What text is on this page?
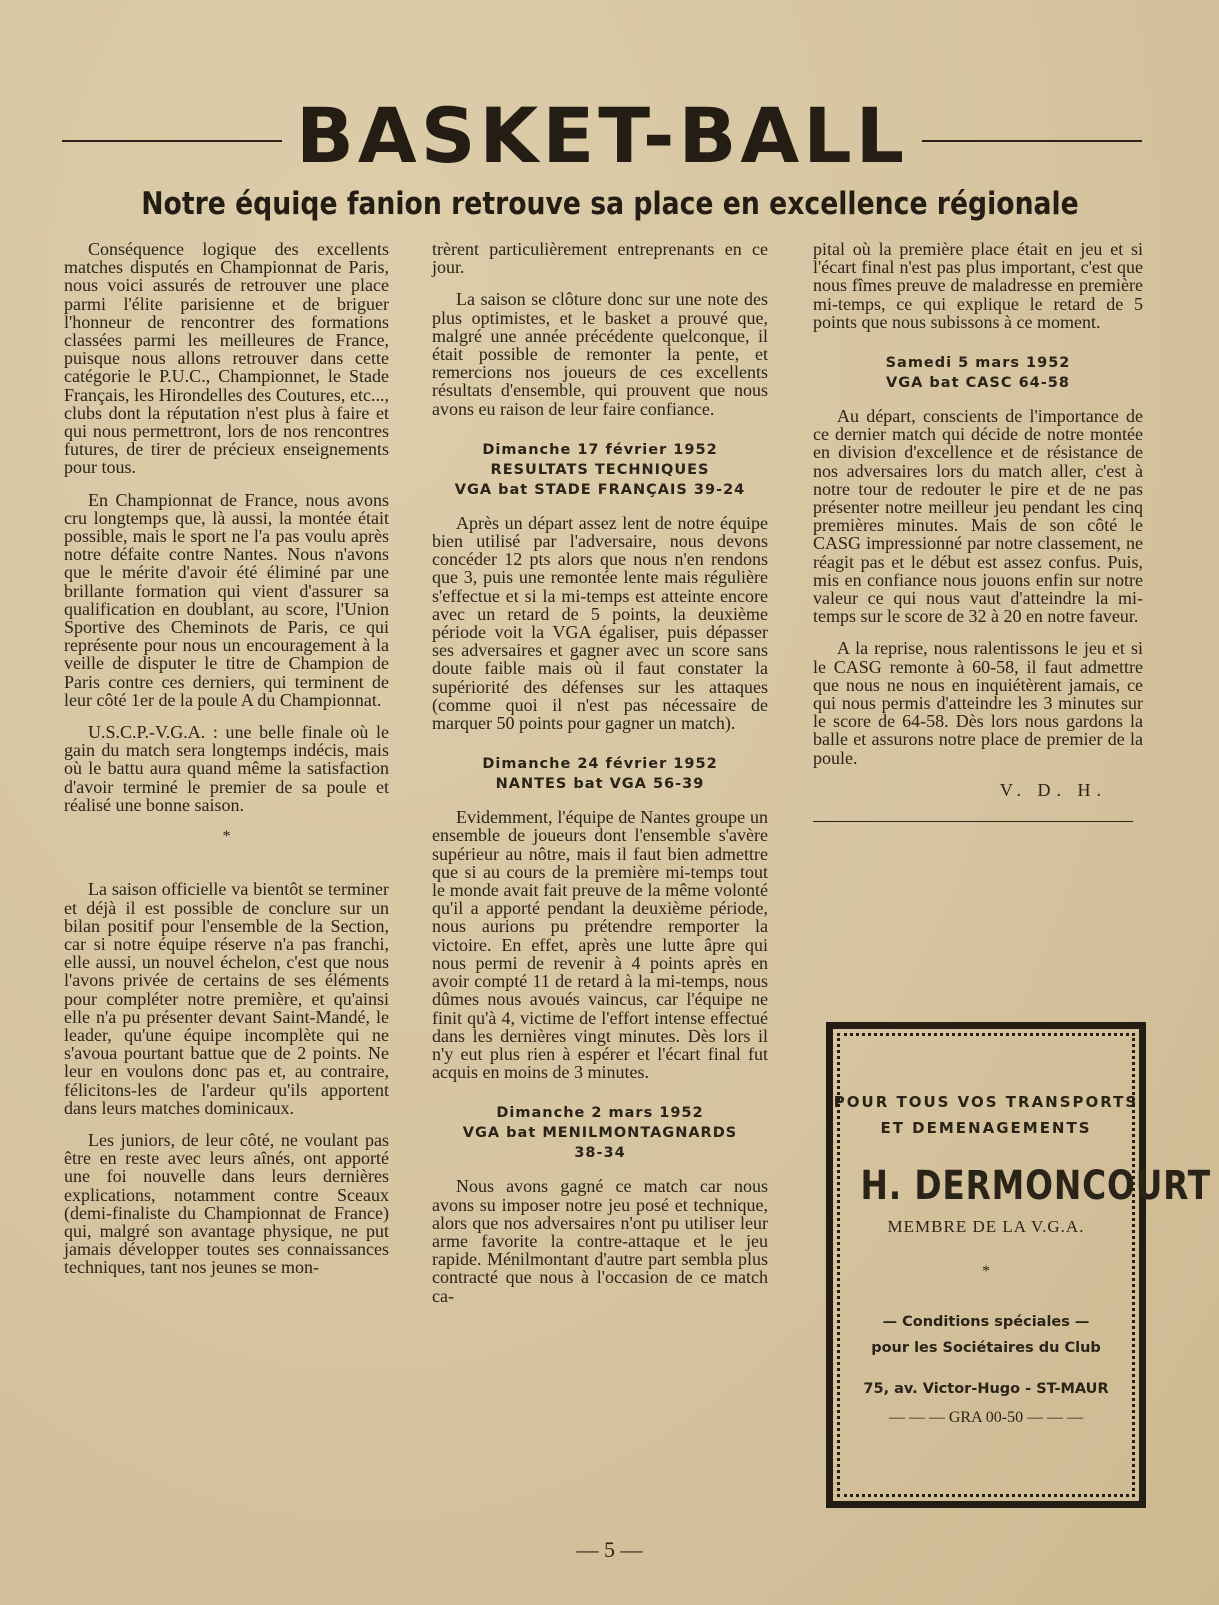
BASKET-BALL
Notre équiqe fanion retrouve sa place en excellence régionale

Conséquence logique des excellents matches disputés en Championnat de Paris, nous voici assurés de retrouver une place parmi l'élite parisienne et de briguer l'honneur de rencontrer des formations classées parmi les meilleures de France, puisque nous allons retrouver dans cette catégorie le P.U.C., Championnet, le Stade Français, les Hirondelles des Coutures, etc..., clubs dont la réputation n'est plus à faire et qui nous permettront, lors de nos rencontres futures, de tirer de précieux enseignements pour tous.

En Championnat de France, nous avons cru longtemps que, là aussi, la montée était possible, mais le sport ne l'a pas voulu après notre défaite contre Nantes. Nous n'avons que le mérite d'avoir été éliminé par une brillante formation qui vient d'assurer sa qualification en doublant, au score, l'Union Sportive des Cheminots de Paris, ce qui représente pour nous un encouragement à la veille de disputer le titre de Champion de Paris contre ces derniers, qui terminent de leur côté 1er de la poule A du Championnat.

U.S.C.P.-V.G.A. : une belle finale où le gain du match sera longtemps indécis, mais où le battu aura quand même la satisfaction d'avoir terminé le premier de sa poule et réalisé une bonne saison.

*

La saison officielle va bientôt se terminer et déjà il est possible de conclure sur un bilan positif pour l'ensemble de la Section, car si notre équipe réserve n'a pas franchi, elle aussi, un nouvel échelon, c'est que nous l'avons privée de certains de ses éléments pour compléter notre première, et qu'ainsi elle n'a pu présenter devant Saint-Mandé, le leader, qu'une équipe incomplète qui ne s'avoua pourtant battue que de 2 points. Ne leur en voulons donc pas et, au contraire, félicitons-les de l'ardeur qu'ils apportent dans leurs matches dominicaux.

Les juniors, de leur côté, ne voulant pas être en reste avec leurs aînés, ont apporté une foi nouvelle dans leurs dernières explications, notamment contre Sceaux (demi-finaliste du Championnat de France) qui, malgré son avantage physique, ne put jamais développer toutes ses connaissances techniques, tant nos jeunes se mon-

trèrent particulièrement entreprenants en ce jour.

La saison se clôture donc sur une note des plus optimistes, et le basket a prouvé que, malgré une année précédente quelconque, il était possible de remonter la pente, et remercions nos joueurs de ces excellents résultats d'ensemble, qui prouvent que nous avons eu raison de leur faire confiance.

Dimanche 17 février 1952
RESULTATS TECHNIQUES
VGA bat STADE FRANÇAIS 39-24

Après un départ assez lent de notre équipe bien utilisé par l'adversaire, nous devons concéder 12 pts alors que nous n'en rendons que 3, puis une remontée lente mais régulière s'effectue et si la mi-temps est atteinte encore avec un retard de 5 points, la deuxième période voit la VGA égaliser, puis dépasser ses adversaires et gagner avec un score sans doute faible mais où il faut constater la supériorité des défenses sur les attaques (comme quoi il n'est pas nécessaire de marquer 50 points pour gagner un match).

Dimanche 24 février 1952
NANTES bat VGA 56-39

Evidemment, l'équipe de Nantes groupe un ensemble de joueurs dont l'ensemble s'avère supérieur au nôtre, mais il faut bien admettre que si au cours de la première mi-temps tout le monde avait fait preuve de la même volonté qu'il a apporté pendant la deuxième période, nous aurions pu prétendre remporter la victoire. En effet, après une lutte âpre qui nous permi de revenir à 4 points après en avoir compté 11 de retard à la mi-temps, nous dûmes nous avoués vaincus, car l'équipe ne finit qu'à 4, victime de l'effort intense effectué dans les dernières vingt minutes. Dès lors il n'y eut plus rien à espérer et l'écart final fut acquis en moins de 3 minutes.

Dimanche 2 mars 1952
VGA bat MENILMONTAGNARDS
38-34

Nous avons gagné ce match car nous avons su imposer notre jeu posé et technique, alors que nos adversaires n'ont pu utiliser leur arme favorite la contre-attaque et le jeu rapide. Ménilmontant d'autre part sembla plus contracté que nous à l'occasion de ce match ca-

pital où la première place était en jeu et si l'écart final n'est pas plus important, c'est que nous fîmes preuve de maladresse en première mi-temps, ce qui explique le retard de 5 points que nous subissons à ce moment.

Samedi 5 mars 1952
VGA bat CASC 64-58

Au départ, conscients de l'importance de ce dernier match qui décide de notre montée en division d'excellence et de résistance de nos adversaires lors du match aller, c'est à notre tour de redouter le pire et de ne pas présenter notre meilleur jeu pendant les cinq premières minutes. Mais de son côté le CASG impressionné par notre classement, ne réagit pas et le début est assez confus. Puis, mis en confiance nous jouons enfin sur notre valeur ce qui nous vaut d'atteindre la mi-temps sur le score de 32 à 20 en notre faveur.

A la reprise, nous ralentissons le jeu et si le CASG remonte à 60-58, il faut admettre que nous ne nous en inquiétèrent jamais, ce qui nous permis d'atteindre les 3 minutes sur le score de 64-58. Dès lors nous gardons la balle et assurons notre place de premier de la poule.

V. D. H.
POUR TOUS VOS TRANSPORTS
ET DEMENAGEMENTS
H. DERMONCOURT
MEMBRE DE LA V.G.A.
*
— Conditions spéciales —
pour les Sociétaires du Club
75, av. Victor-Hugo - ST-MAUR
— — — GRA 00-50 — — —
— 5 —
